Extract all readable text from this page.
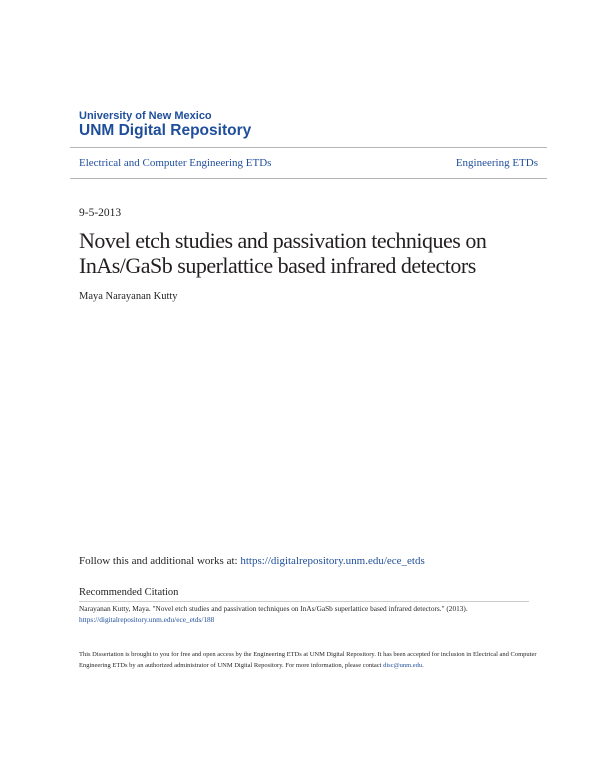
University of New Mexico
UNM Digital Repository
Electrical and Computer Engineering ETDs	Engineering ETDs
9-5-2013
Novel etch studies and passivation techniques on InAs/GaSb superlattice based infrared detectors
Maya Narayanan Kutty
Follow this and additional works at: https://digitalrepository.unm.edu/ece_etds
Recommended Citation
Narayanan Kutty, Maya. "Novel etch studies and passivation techniques on InAs/GaSb superlattice based infrared detectors." (2013).
https://digitalrepository.unm.edu/ece_etds/188
This Dissertation is brought to you for free and open access by the Engineering ETDs at UNM Digital Repository. It has been accepted for inclusion in Electrical and Computer Engineering ETDs by an authorized administrator of UNM Digital Repository. For more information, please contact disc@unm.edu.
